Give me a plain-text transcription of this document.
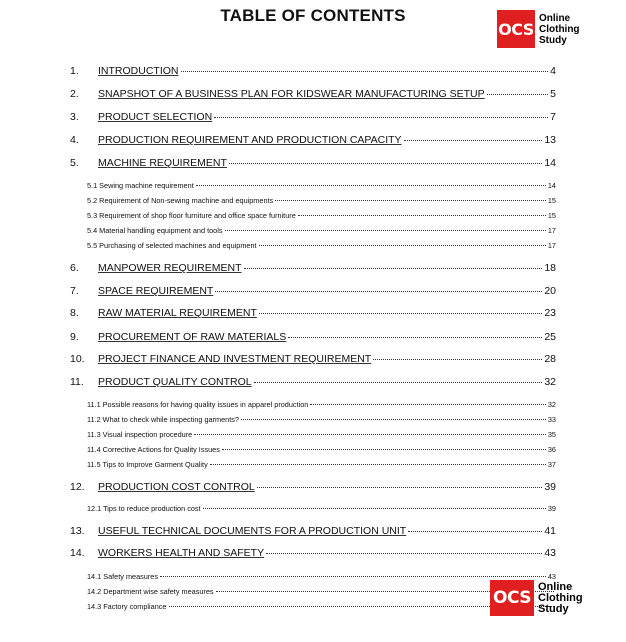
TABLE OF CONTENTS
OCS
Online
Clothing
Study
1.	INTRODUCTION	4
2.	SNAPSHOT OF A BUSINESS PLAN FOR KIDSWEAR MANUFACTURING SETUP	5
3.	PRODUCT SELECTION	7
4.	PRODUCTION REQUIREMENT AND PRODUCTION CAPACITY	13
5.	MACHINE REQUIREMENT	14
5.1 Sewing machine requirement	14
5.2 Requirement of Non-sewing machine and equipments	15
5.3 Requirement of shop floor furniture and office space furniture	15
5.4 Material handling equipment and tools	17
5.5 Purchasing of selected machines and equipment	17
6.	MANPOWER REQUIREMENT	18
7.	SPACE REQUIREMENT	20
8.	RAW MATERIAL REQUIREMENT	23
9.	PROCUREMENT OF RAW MATERIALS	25
10.	PROJECT FINANCE AND INVESTMENT REQUIREMENT	28
11.	PRODUCT QUALITY CONTROL	32
11.1 Possible reasons for having quality issues in apparel production	32
11.2 What to check while inspecting garments?	33
11.3 Visual inspection procedure	35
11.4 Corrective Actions for Quality Issues	36
11.5 Tips to Improve Garment Quality	37
12.	PRODUCTION COST CONTROL	39
12.1 Tips to reduce production cost	39
13.	USEFUL TECHNICAL DOCUMENTS FOR A PRODUCTION UNIT	41
14.	WORKERS HEALTH AND SAFETY	43
14.1 Safety measures	43
14.2 Department wise safety measures
14.3 Factory compliance	OCS
Online
Clothing
Study
